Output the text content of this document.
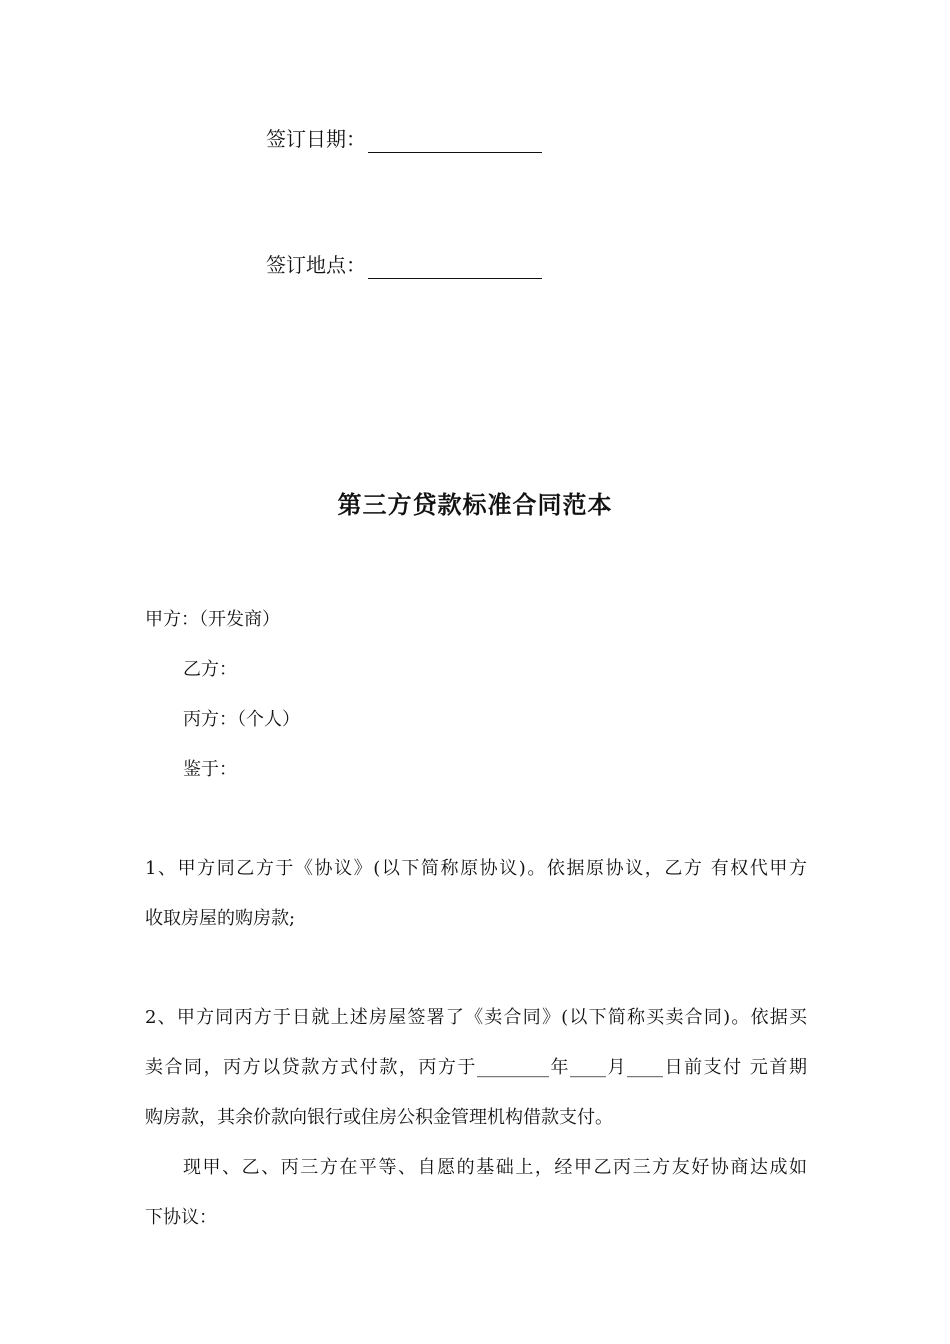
签订日期：
签订地点：
第三方贷款标准合同范本
甲方：（开发商）
乙方：
丙方：（个人）
鉴于：
1、甲方同乙方于《协议》(以下简称原协议)。依据原协议，乙方 有权代甲方
收取房屋的购房款;
2、甲方同丙方于日就上述房屋签署了《卖合同》(以下简称买卖合同)。依据买
卖合同，丙方以贷款方式付款，丙方于________年____月____日前支付 元首期
购房款，其余价款向银行或住房公积金管理机构借款支付。
现甲、乙、丙三方在平等、自愿的基础上，经甲乙丙三方友好协商达成如
下协议：
